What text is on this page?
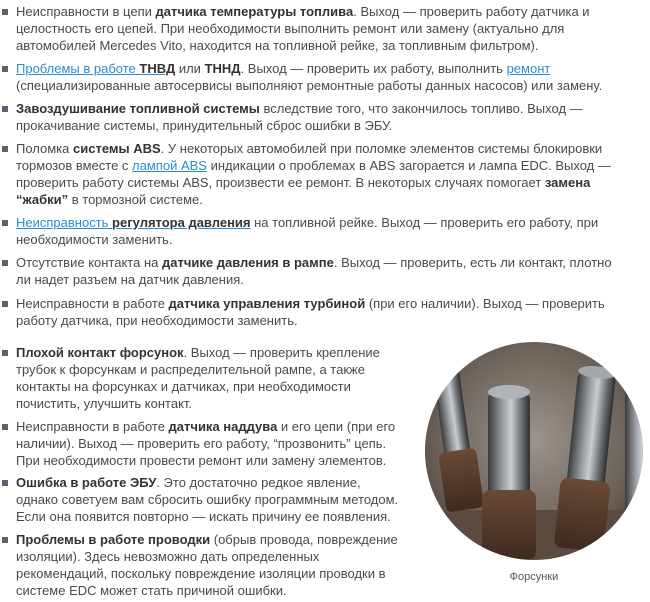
Неисправности в цепи датчика температуры топлива. Выход — проверить работу датчика и целостность его цепей. При необходимости выполнить ремонт или замену (актуально для автомобилей Mercedes Vito, находится на топливной рейке, за топливным фильтром).
Проблемы в работе ТНВД или ТННД. Выход — проверить их работу, выполнить ремонт (специализированные автосервисы выполняют ремонтные работы данных насосов) или замену.
Завоздушивание топливной системы вследствие того, что закончилось топливо. Выход — прокачивание системы, принудительный сброс ошибки в ЭБУ.
Поломка системы ABS. У некоторых автомобилей при поломке элементов системы блокировки тормозов вместе с лампой ABS индикации о проблемах в ABS загорается и лампа EDC. Выход — проверить работу системы ABS, произвести ее ремонт. В некоторых случаях помогает замена “жабки” в тормозной системе.
Неисправность регулятора давления на топливной рейке. Выход — проверить его работу, при необходимости заменить.
Отсутствие контакта на датчике давления в рампе. Выход — проверить, есть ли контакт, плотно ли надет разъем на датчик давления.
Неисправности в работе датчика управления турбиной (при его наличии). Выход — проверить работу датчика, при необходимости заменить.
Плохой контакт форсунок. Выход — проверить крепление трубок к форсункам и распределительной рампе, а также контакты на форсунках и датчиках, при необходимости почистить, улучшить контакт.
Неисправности в работе датчика наддува и его цепи (при его наличии). Выход — проверить его работу, “прозвонить” цепь. При необходимости провести ремонт или замену элементов.
Ошибка в работе ЭБУ. Это достаточно редкое явление, однако советуем вам сбросить ошибку программным методом. Если она появится повторно — искать причину ее появления.
Проблемы в работе проводки (обрыв провода, повреждение изоляции). Здесь невозможно дать определенных рекомендаций, поскольку повреждение изоляции проводки в системе EDC может стать причиной ошибки.
Форсунки
